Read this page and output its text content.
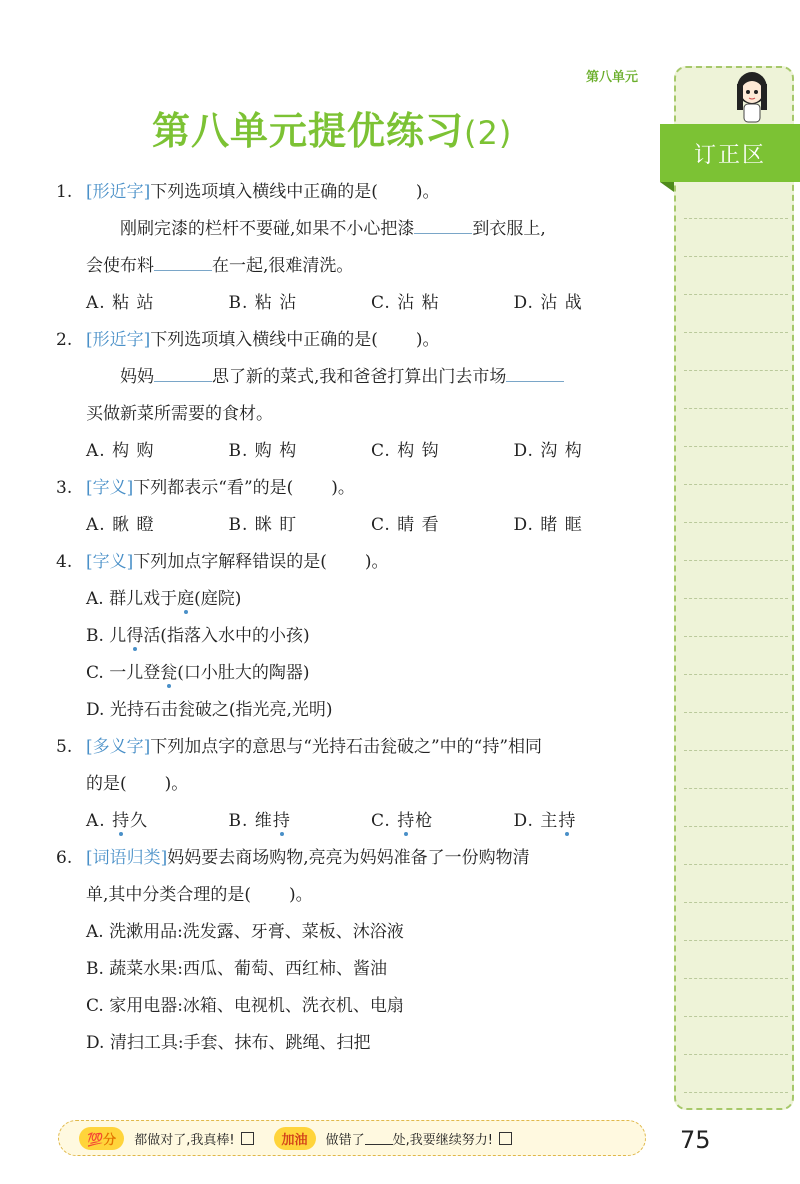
第八单元
第八单元提优练习(2)
订正区
1. [形近字]下列选项填入横线中正确的是( )。
刚刷完漆的栏杆不要碰,如果不小心把漆	到衣服上,
会使布料	在一起,很难清洗。
A. 粘 站	B. 粘 沾	C. 沾 粘	D. 沾 战
2. [形近字]下列选项填入横线中正确的是( )。
妈妈	思了新的菜式,我和爸爸打算出门去市场
买做新菜所需要的食材。
A. 构 购	B. 购 构	C. 构 钩	D. 沟 构
3. [字义]下列都表示“看”的是( )。
A. 瞅 瞪	B. 眯 盯	C. 睛 看	D. 睹 眶
4. [字义]下列加点字解释错误的是( )。
A. 群儿戏于庭(庭院)
B. 儿得活(指落入水中的小孩)
C. 一儿登瓮(口小肚大的陶器)
D. 光持石击瓮破之(指光亮,光明)
5. [多义字]下列加点字的意思与“光持石击瓮破之”中的“持”相同
的是( )。
A. 持久	B. 维持	C. 持枪	D. 主持
6. [词语归类]妈妈要去商场购物,亮亮为妈妈准备了一份购物清
单,其中分类合理的是( )。
A. 洗漱用品:洗发露、牙膏、菜板、沐浴液
B. 蔬菜水果:西瓜、葡萄、西红柿、酱油
C. 家用电器:冰箱、电视机、洗衣机、电扇
D. 清扫工具:手套、抹布、跳绳、扫把
💯分	都做对了,我真棒!	加油	做错了 处,我要继续努力!	75
